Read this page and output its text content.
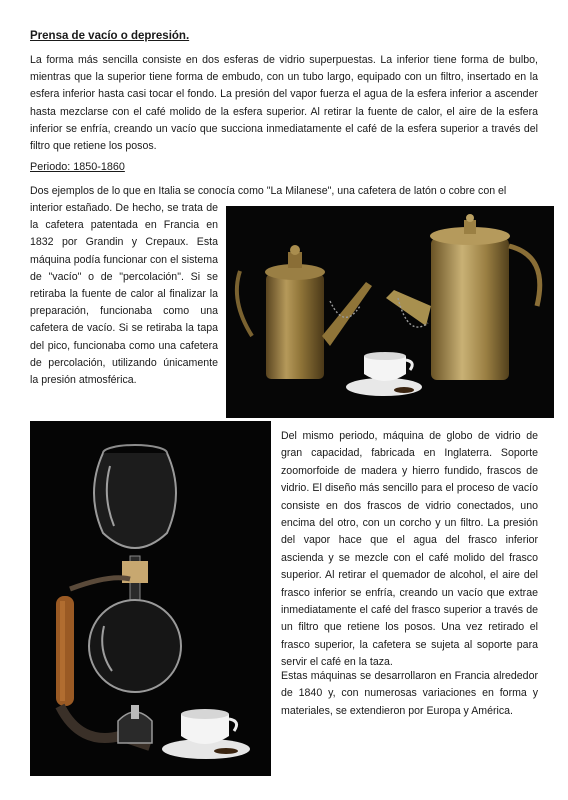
Prensa de vacío o depresión.

La forma más sencilla consiste en dos esferas de vidrio superpuestas. La inferior tiene forma de bulbo, mientras que la superior tiene forma de embudo, con un tubo largo, equipado con un filtro, insertado en la esfera inferior hasta casi tocar el fondo. La presión del vapor fuerza el agua de la esfera inferior a ascender hasta mezclarse con el café molido de la esfera superior. Al retirar la fuente de calor, el aire de la esfera inferior se enfría, creando un vacío que succiona inmediatamente el café de la esfera superior a través del filtro que retiene los posos.

Periodo: 1850-1860

Dos ejemplos de lo que en Italia se conocía como "La Milanese", una cafetera de latón o cobre con el

interior estañado. De hecho, se trata de la cafetera patentada en Francia en 1832 por Grandin y Crepaux. Esta máquina podía funcionar con el sistema de "vacío" o de "percolación". Si se retiraba la fuente de calor al finalizar la preparación, funcionaba como una cafetera de vacío. Si se retiraba la tapa del pico, funcionaba como una cafetera de percolación, utilizando únicamente la presión atmosférica.

Del mismo periodo, máquina de globo de vidrio de gran capacidad, fabricada en Inglaterra. Soporte zoomorfoide de madera y hierro fundido, frascos de vidrio. El diseño más sencillo para el proceso de vacío consiste en dos frascos de vidrio conectados, uno encima del otro, con un corcho y un filtro. La presión del vapor hace que el agua del frasco inferior ascienda y se mezcle con el café molido del frasco superior. Al retirar el quemador de alcohol, el aire del frasco inferior se enfría, creando un vacío que extrae inmediatamente el café del frasco superior a través de un filtro que retiene los posos. Una vez retirado el frasco superior, la cafetera se sujeta al soporte para servir el café en la taza.

Estas máquinas se desarrollaron en Francia alrededor de 1840 y, con numerosas variaciones en forma y materiales, se extendieron por Europa y América.
